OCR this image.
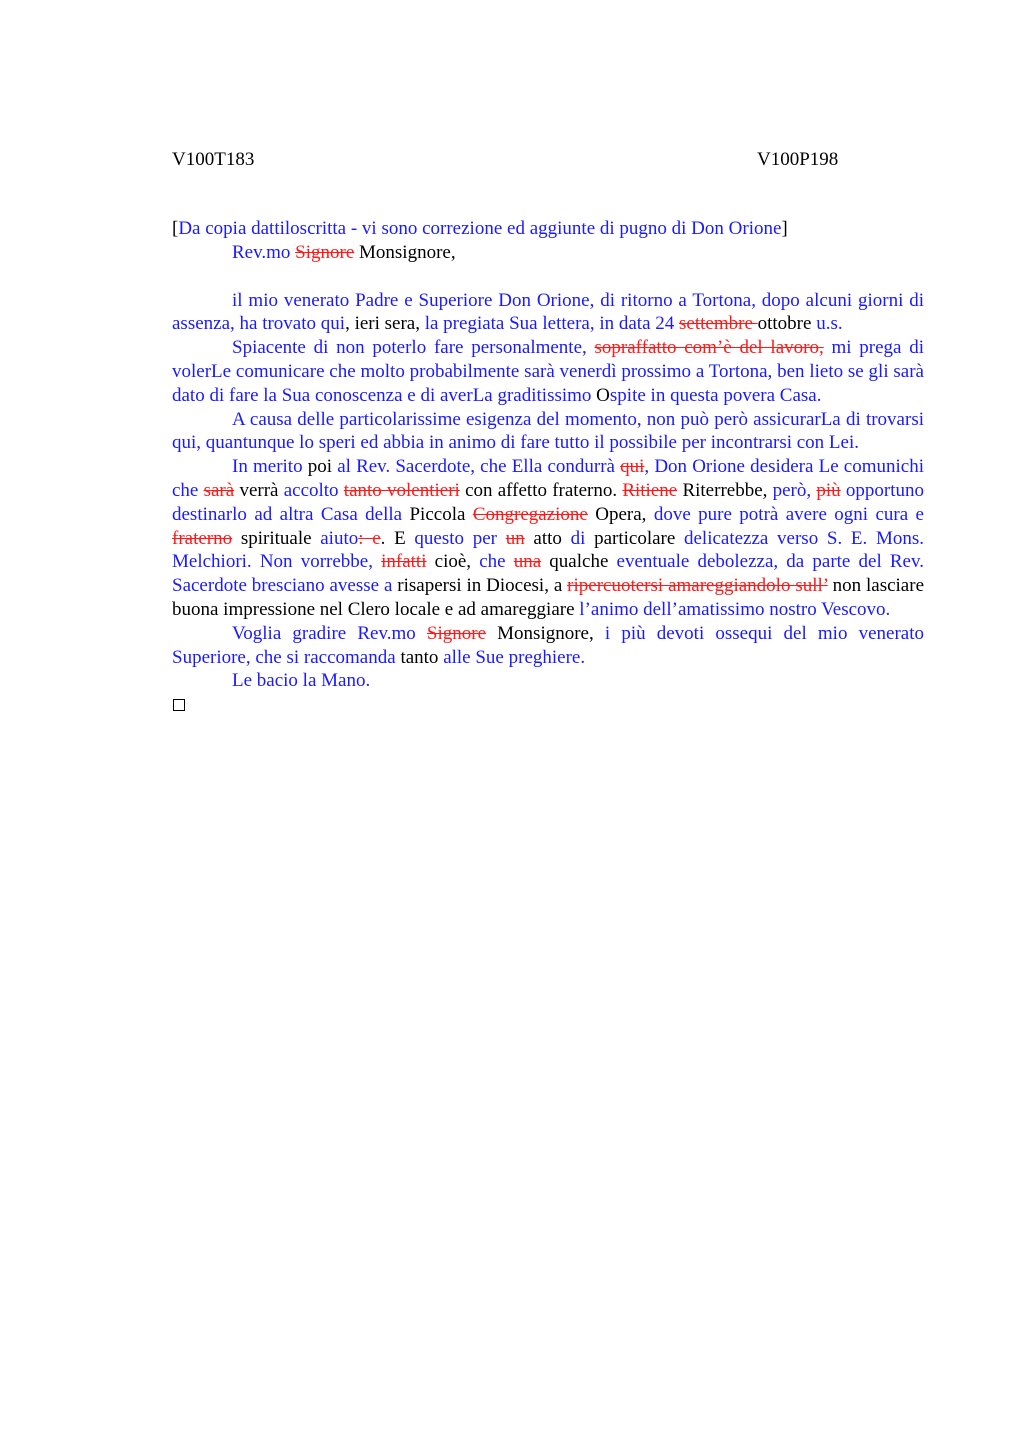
V100T183	V100P198
[Da copia dattiloscritta - vi sono correzione ed aggiunte di pugno di Don Orione]

Rev.mo Signore Monsignore,

il mio venerato Padre e Superiore Don Orione, di ritorno a Tortona, dopo alcuni giorni di assenza, ha trovato qui, ieri sera, la pregiata Sua lettera, in data 24 settembre ottobre u.s.

Spiacente di non poterlo fare personalmente, sopraffatto com’è del lavoro, mi prega di volerLe comunicare che molto probabilmente sarà venerdì prossimo a Tortona, ben lieto se gli sarà dato di fare la Sua conoscenza e di averLa graditissimo Ospite in questa povera Casa.

A causa delle particolarissime esigenza del momento, non può però assicurarLa di trovarsi qui, quantunque lo speri ed abbia in animo di fare tutto il possibile per incontrarsi con Lei.

In merito poi al Rev. Sacerdote, che Ella condurrà qui, Don Orione desidera Le comunichi che sarà verrà accolto tanto volentieri con affetto fraterno. Ritiene Riterrebbe, però, più opportuno destinarlo ad altra Casa della Piccola Congregazione Opera, dove pure potrà avere ogni cura e fraterno spirituale aiuto: e. E questo per un atto di particolare delicatezza verso S. E. Mons. Melchiori. Non vorrebbe, infatti cioè, che una qualche eventuale debolezza, da parte del Rev. Sacerdote bresciano avesse a risapersi in Diocesi, a ripercuotersi amareggiandolo sull’ non lasciare buona impressione nel Clero locale e ad amareggiare l’animo dell’amatissimo nostro Vescovo.

Voglia gradire Rev.mo Signore Monsignore, i più devoti ossequi del mio venerato Superiore, che si raccomanda tanto alle Sue preghiere.

Le bacio la Mano.
